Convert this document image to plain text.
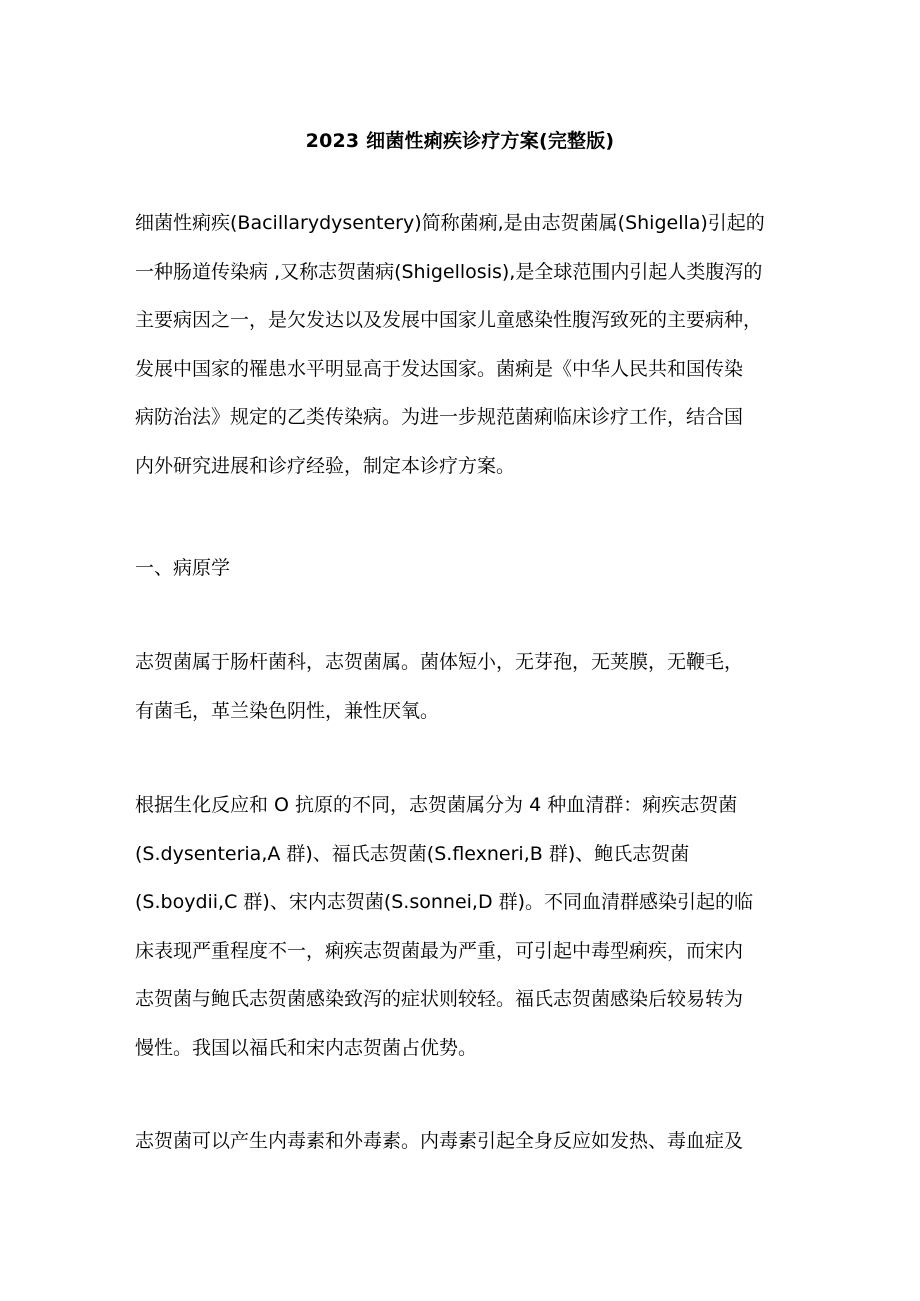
2023 细菌性痢疾诊疗方案(完整版)
细菌性痢疾(Bacillarydysentery)简称菌痢,是由志贺菌属(Shigella)引起的
一种肠道传染病 ,又称志贺菌病(Shigellosis),是全球范围内引起人类腹泻的
主要病因之一，是欠发达以及发展中国家儿童感染性腹泻致死的主要病种，
发展中国家的罹患水平明显高于发达国家。菌痢是《中华人民共和国传染
病防治法》规定的乙类传染病。为进一步规范菌痢临床诊疗工作，结合国
内外研究进展和诊疗经验，制定本诊疗方案。
一、病原学
志贺菌属于肠杆菌科，志贺菌属。菌体短小，无芽孢，无荚膜，无鞭毛，
有菌毛，革兰染色阴性，兼性厌氧。
根据生化反应和 O 抗原的不同，志贺菌属分为 4 种血清群：痢疾志贺菌
(S.dysenteria,A 群)、福氏志贺菌(S.flexneri,B 群)、鲍氏志贺菌
(S.boydii,C 群)、宋内志贺菌(S.sonnei,D 群)。不同血清群感染引起的临
床表现严重程度不一，痢疾志贺菌最为严重，可引起中毒型痢疾，而宋内
志贺菌与鲍氏志贺菌感染致泻的症状则较轻。福氏志贺菌感染后较易转为
慢性。我国以福氏和宋内志贺菌占优势。
志贺菌可以产生内毒素和外毒素。内毒素引起全身反应如发热、毒血症及
